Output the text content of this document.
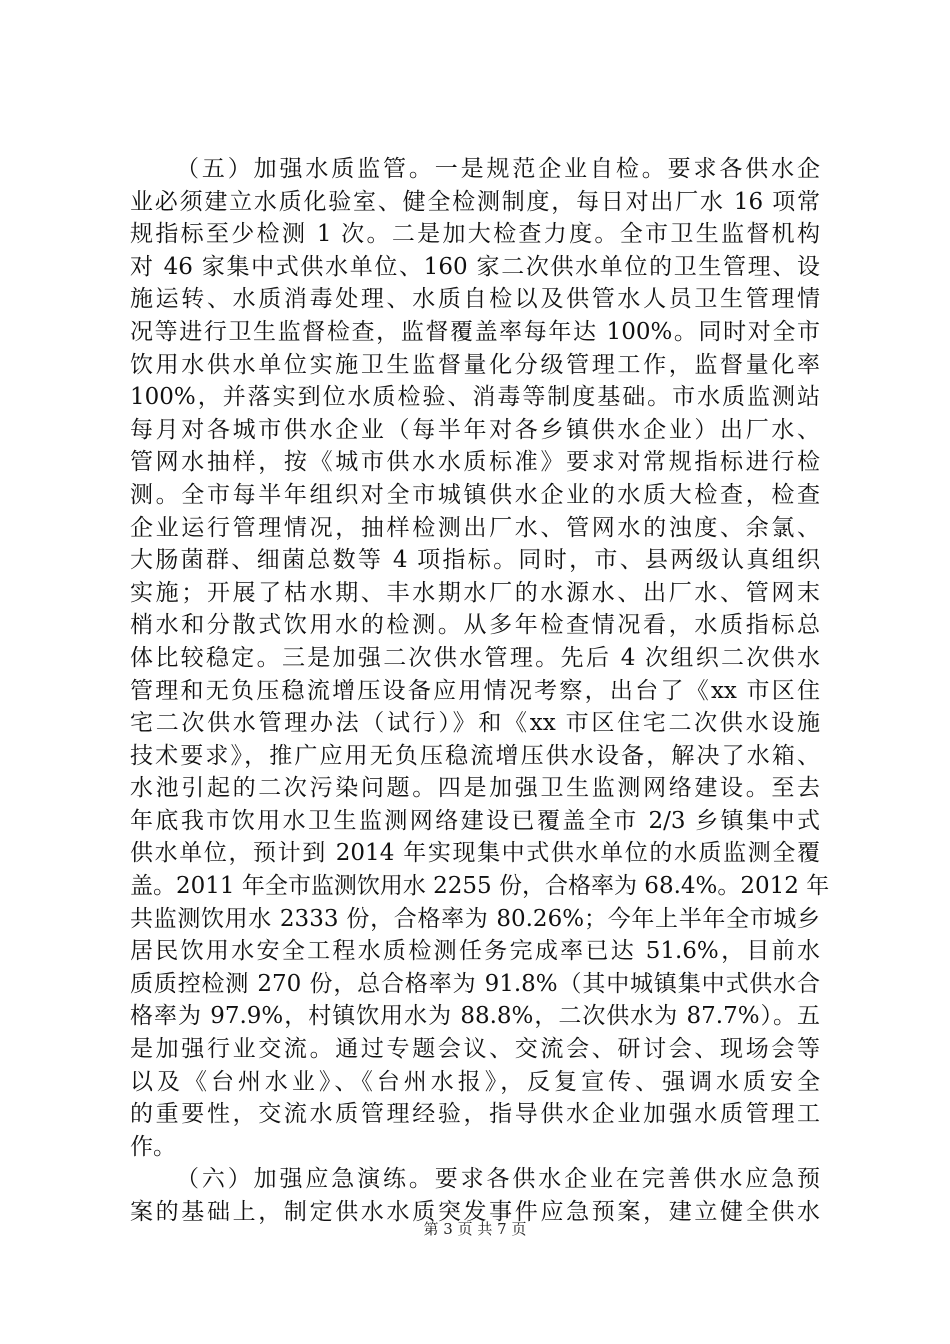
（五）加强水质监管。一是规范企业自检。要求各供水企
业必须建立水质化验室、健全检测制度，每日对出厂水 16 项常
规指标至少检测 1 次。二是加大检查力度。全市卫生监督机构
对 46 家集中式供水单位、160 家二次供水单位的卫生管理、设
施运转、水质消毒处理、水质自检以及供管水人员卫生管理情
况等进行卫生监督检查，监督覆盖率每年达 100%。同时对全市
饮用水供水单位实施卫生监督量化分级管理工作，监督量化率
100%，并落实到位水质检验、消毒等制度基础。市水质监测站
每月对各城市供水企业（每半年对各乡镇供水企业）出厂水、
管网水抽样，按《城市供水水质标准》要求对常规指标进行检
测。全市每半年组织对全市城镇供水企业的水质大检查，检查
企业运行管理情况，抽样检测出厂水、管网水的浊度、余氯、
大肠菌群、细菌总数等 4 项指标。同时，市、县两级认真组织
实施；开展了枯水期、丰水期水厂的水源水、出厂水、管网末
梢水和分散式饮用水的检测。从多年检查情况看，水质指标总
体比较稳定。三是加强二次供水管理。先后 4 次组织二次供水
管理和无负压稳流增压设备应用情况考察，出台了《xx 市区住
宅二次供水管理办法（试行）》和《xx 市区住宅二次供水设施
技术要求》，推广应用无负压稳流增压供水设备，解决了水箱、
水池引起的二次污染问题。四是加强卫生监测网络建设。至去
年底我市饮用水卫生监测网络建设已覆盖全市 2/3 乡镇集中式
供水单位，预计到 2014 年实现集中式供水单位的水质监测全覆
盖。2011 年全市监测饮用水 2255 份，合格率为 68.4%。2012 年
共监测饮用水 2333 份，合格率为 80.26%；今年上半年全市城乡
居民饮用水安全工程水质检测任务完成率已达 51.6%，目前水
质质控检测 270 份，总合格率为 91.8%（其中城镇集中式供水合
格率为 97.9%，村镇饮用水为 88.8%，二次供水为 87.7%）。五
是加强行业交流。通过专题会议、交流会、研讨会、现场会等
以及《台州水业》、《台州水报》，反复宣传、强调水质安全
的重要性，交流水质管理经验，指导供水企业加强水质管理工
作。
（六）加强应急演练。要求各供水企业在完善供水应急预
案的基础上，制定供水水质突发事件应急预案，建立健全供水
第 3 页 共 7 页
